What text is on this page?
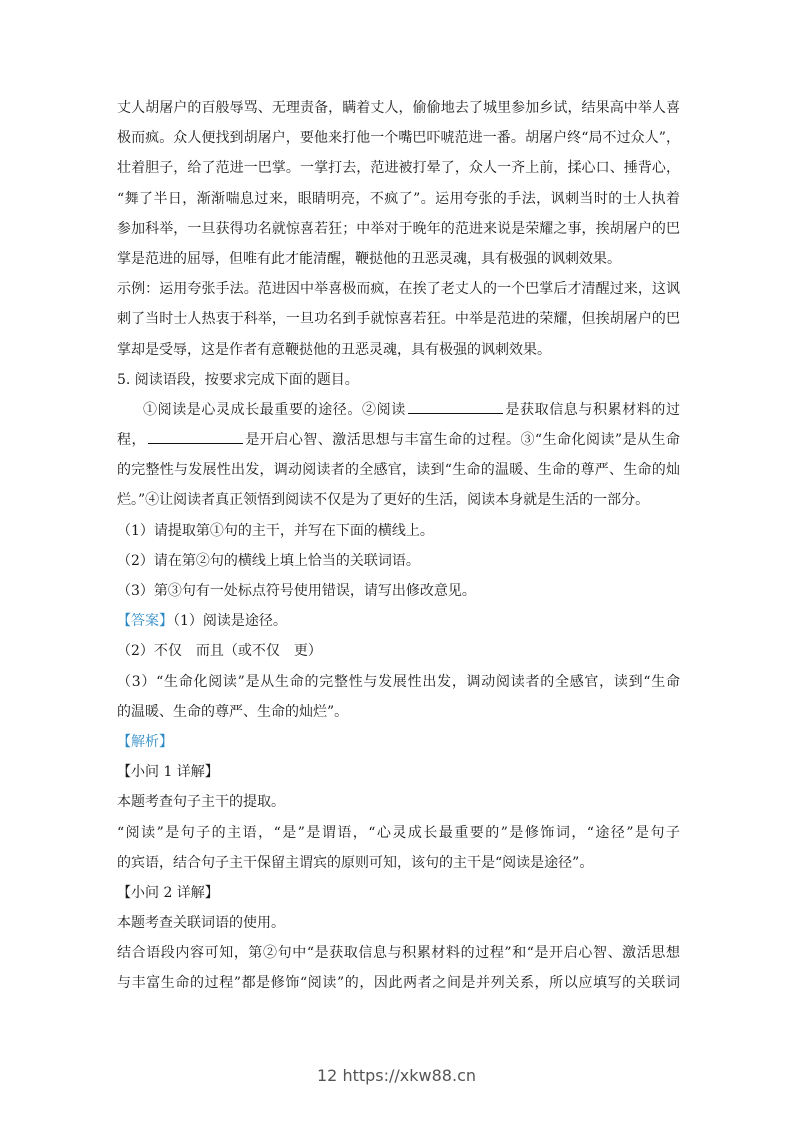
丈人胡屠户的百般辱骂、无理责备，瞒着丈人，偷偷地去了城里参加乡试，结果高中举人喜
极而疯。众人便找到胡屠户，要他来打他一个嘴巴吓唬范进一番。胡屠户终“局不过众人”，
壮着胆子，给了范进一巴掌。一掌打去，范进被打晕了，众人一齐上前，揉心口、捶背心，
“舞了半日，渐渐喘息过来，眼睛明亮，不疯了”。运用夸张的手法，讽刺当时的士人执着
参加科举，一旦获得功名就惊喜若狂；中举对于晚年的范进来说是荣耀之事，挨胡屠户的巴
掌是范进的屈辱，但唯有此才能清醒，鞭挞他的丑恶灵魂，具有极强的讽刺效果。
示例：运用夸张手法。范进因中举喜极而疯，在挨了老丈人的一个巴掌后才清醒过来，这讽
刺了当时士人热衷于科举，一旦功名到手就惊喜若狂。中举是范进的荣耀，但挨胡屠户的巴
掌却是受辱，这是作者有意鞭挞他的丑恶灵魂，具有极强的讽刺效果。
5. 阅读语段，按要求完成下面的题目。
①阅读是心灵成长最重要的途径。②阅读	是获取信息与积累材料的过
程，	是开启心智、激活思想与丰富生命的过程。③“生命化阅读”是从生命
的完整性与发展性出发，调动阅读者的全感官，读到“生命的温暖、生命的尊严、生命的灿
烂。”④让阅读者真正领悟到阅读不仅是为了更好的生活，阅读本身就是生活的一部分。
（1）请提取第①句的主干，并写在下面的横线上。
（2）请在第②句的横线上填上恰当的关联词语。
（3）第③句有一处标点符号使用错误，请写出修改意见。
【答案】（1）阅读是途径。
（2）不仅　而且（或不仅　更）
（3）“生命化阅读”是从生命的完整性与发展性出发，调动阅读者的全感官，读到“生命
的温暖、生命的尊严、生命的灿烂”。
【解析】
【小问 1 详解】
本题考查句子主干的提取。
“阅读”是句子的主语，“是”是谓语，“心灵成长最重要的”是修饰词，“途径”是句子
的宾语，结合句子主干保留主谓宾的原则可知，该句的主干是“阅读是途径”。
【小问 2 详解】
本题考查关联词语的使用。
结合语段内容可知，第②句中“是获取信息与积累材料的过程”和“是开启心智、激活思想
与丰富生命的过程”都是修饰“阅读”的，因此两者之间是并列关系，所以应填写的关联词
12 https://xkw88.cn
